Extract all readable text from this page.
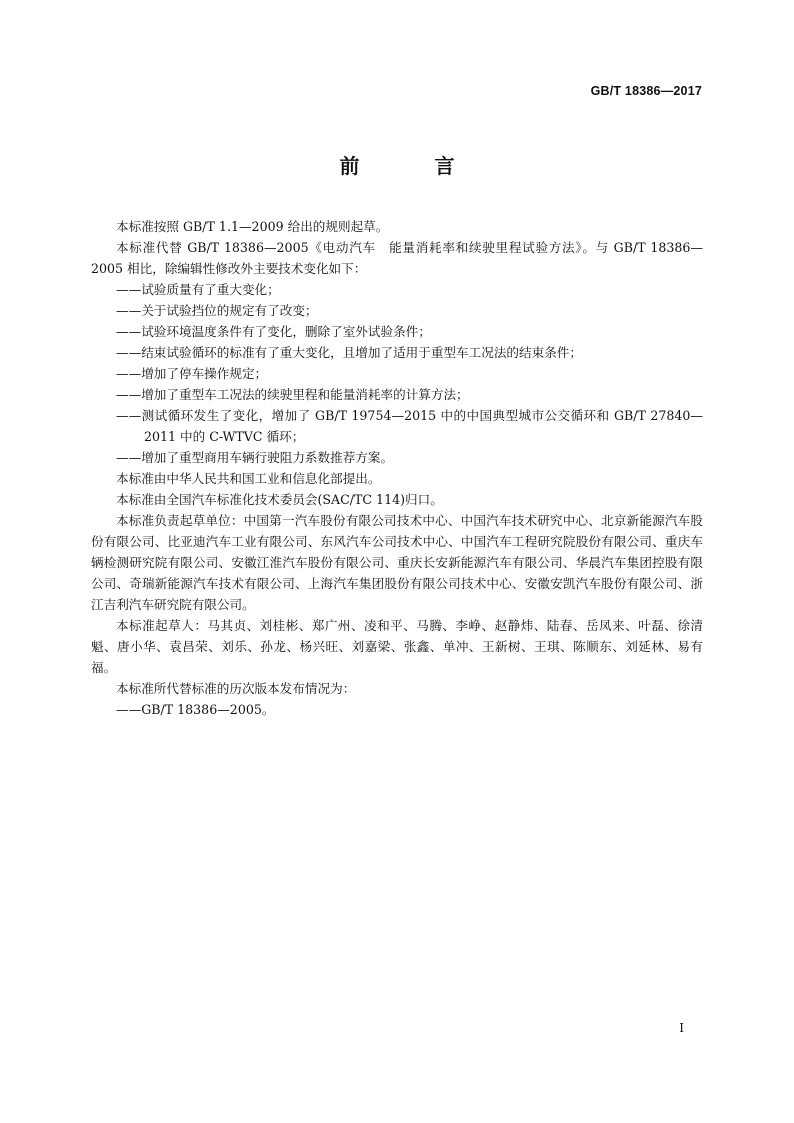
GB/T 18386—2017
前 言

本标准按照 GB/T 1.1—2009 给出的规则起草。

本标准代替 GB/T 18386—2005《电动汽车　能量消耗率和续驶里程试验方法》。与 GB/T 18386—2005 相比，除编辑性修改外主要技术变化如下：

——试验质量有了重大变化；

——关于试验挡位的规定有了改变；

——试验环境温度条件有了变化，删除了室外试验条件；

——结束试验循环的标准有了重大变化，且增加了适用于重型车工况法的结束条件；

——增加了停车操作规定；

——增加了重型车工况法的续驶里程和能量消耗率的计算方法；

——测试循环发生了变化，增加了 GB/T 19754—2015 中的中国典型城市公交循环和 GB/T 27840—2011 中的 C-WTVC 循环；

——增加了重型商用车辆行驶阻力系数推荐方案。

本标准由中华人民共和国工业和信息化部提出。

本标准由全国汽车标准化技术委员会(SAC/TC 114)归口。

本标准负责起草单位：中国第一汽车股份有限公司技术中心、中国汽车技术研究中心、北京新能源汽车股份有限公司、比亚迪汽车工业有限公司、东风汽车公司技术中心、中国汽车工程研究院股份有限公司、重庆车辆检测研究院有限公司、安徽江淮汽车股份有限公司、重庆长安新能源汽车有限公司、华晨汽车集团控股有限公司、奇瑞新能源汽车技术有限公司、上海汽车集团股份有限公司技术中心、安徽安凯汽车股份有限公司、浙江吉利汽车研究院有限公司。

本标准起草人：马其贞、刘桂彬、郑广州、凌和平、马腾、李峥、赵静炜、陆春、岳凤来、叶磊、徐清魁、唐小华、袁昌荣、刘乐、孙龙、杨兴旺、刘嘉梁、张鑫、单冲、王新树、王琪、陈顺东、刘延林、易有福。

本标准所代替标准的历次版本发布情况为：

——GB/T 18386—2005。

I
